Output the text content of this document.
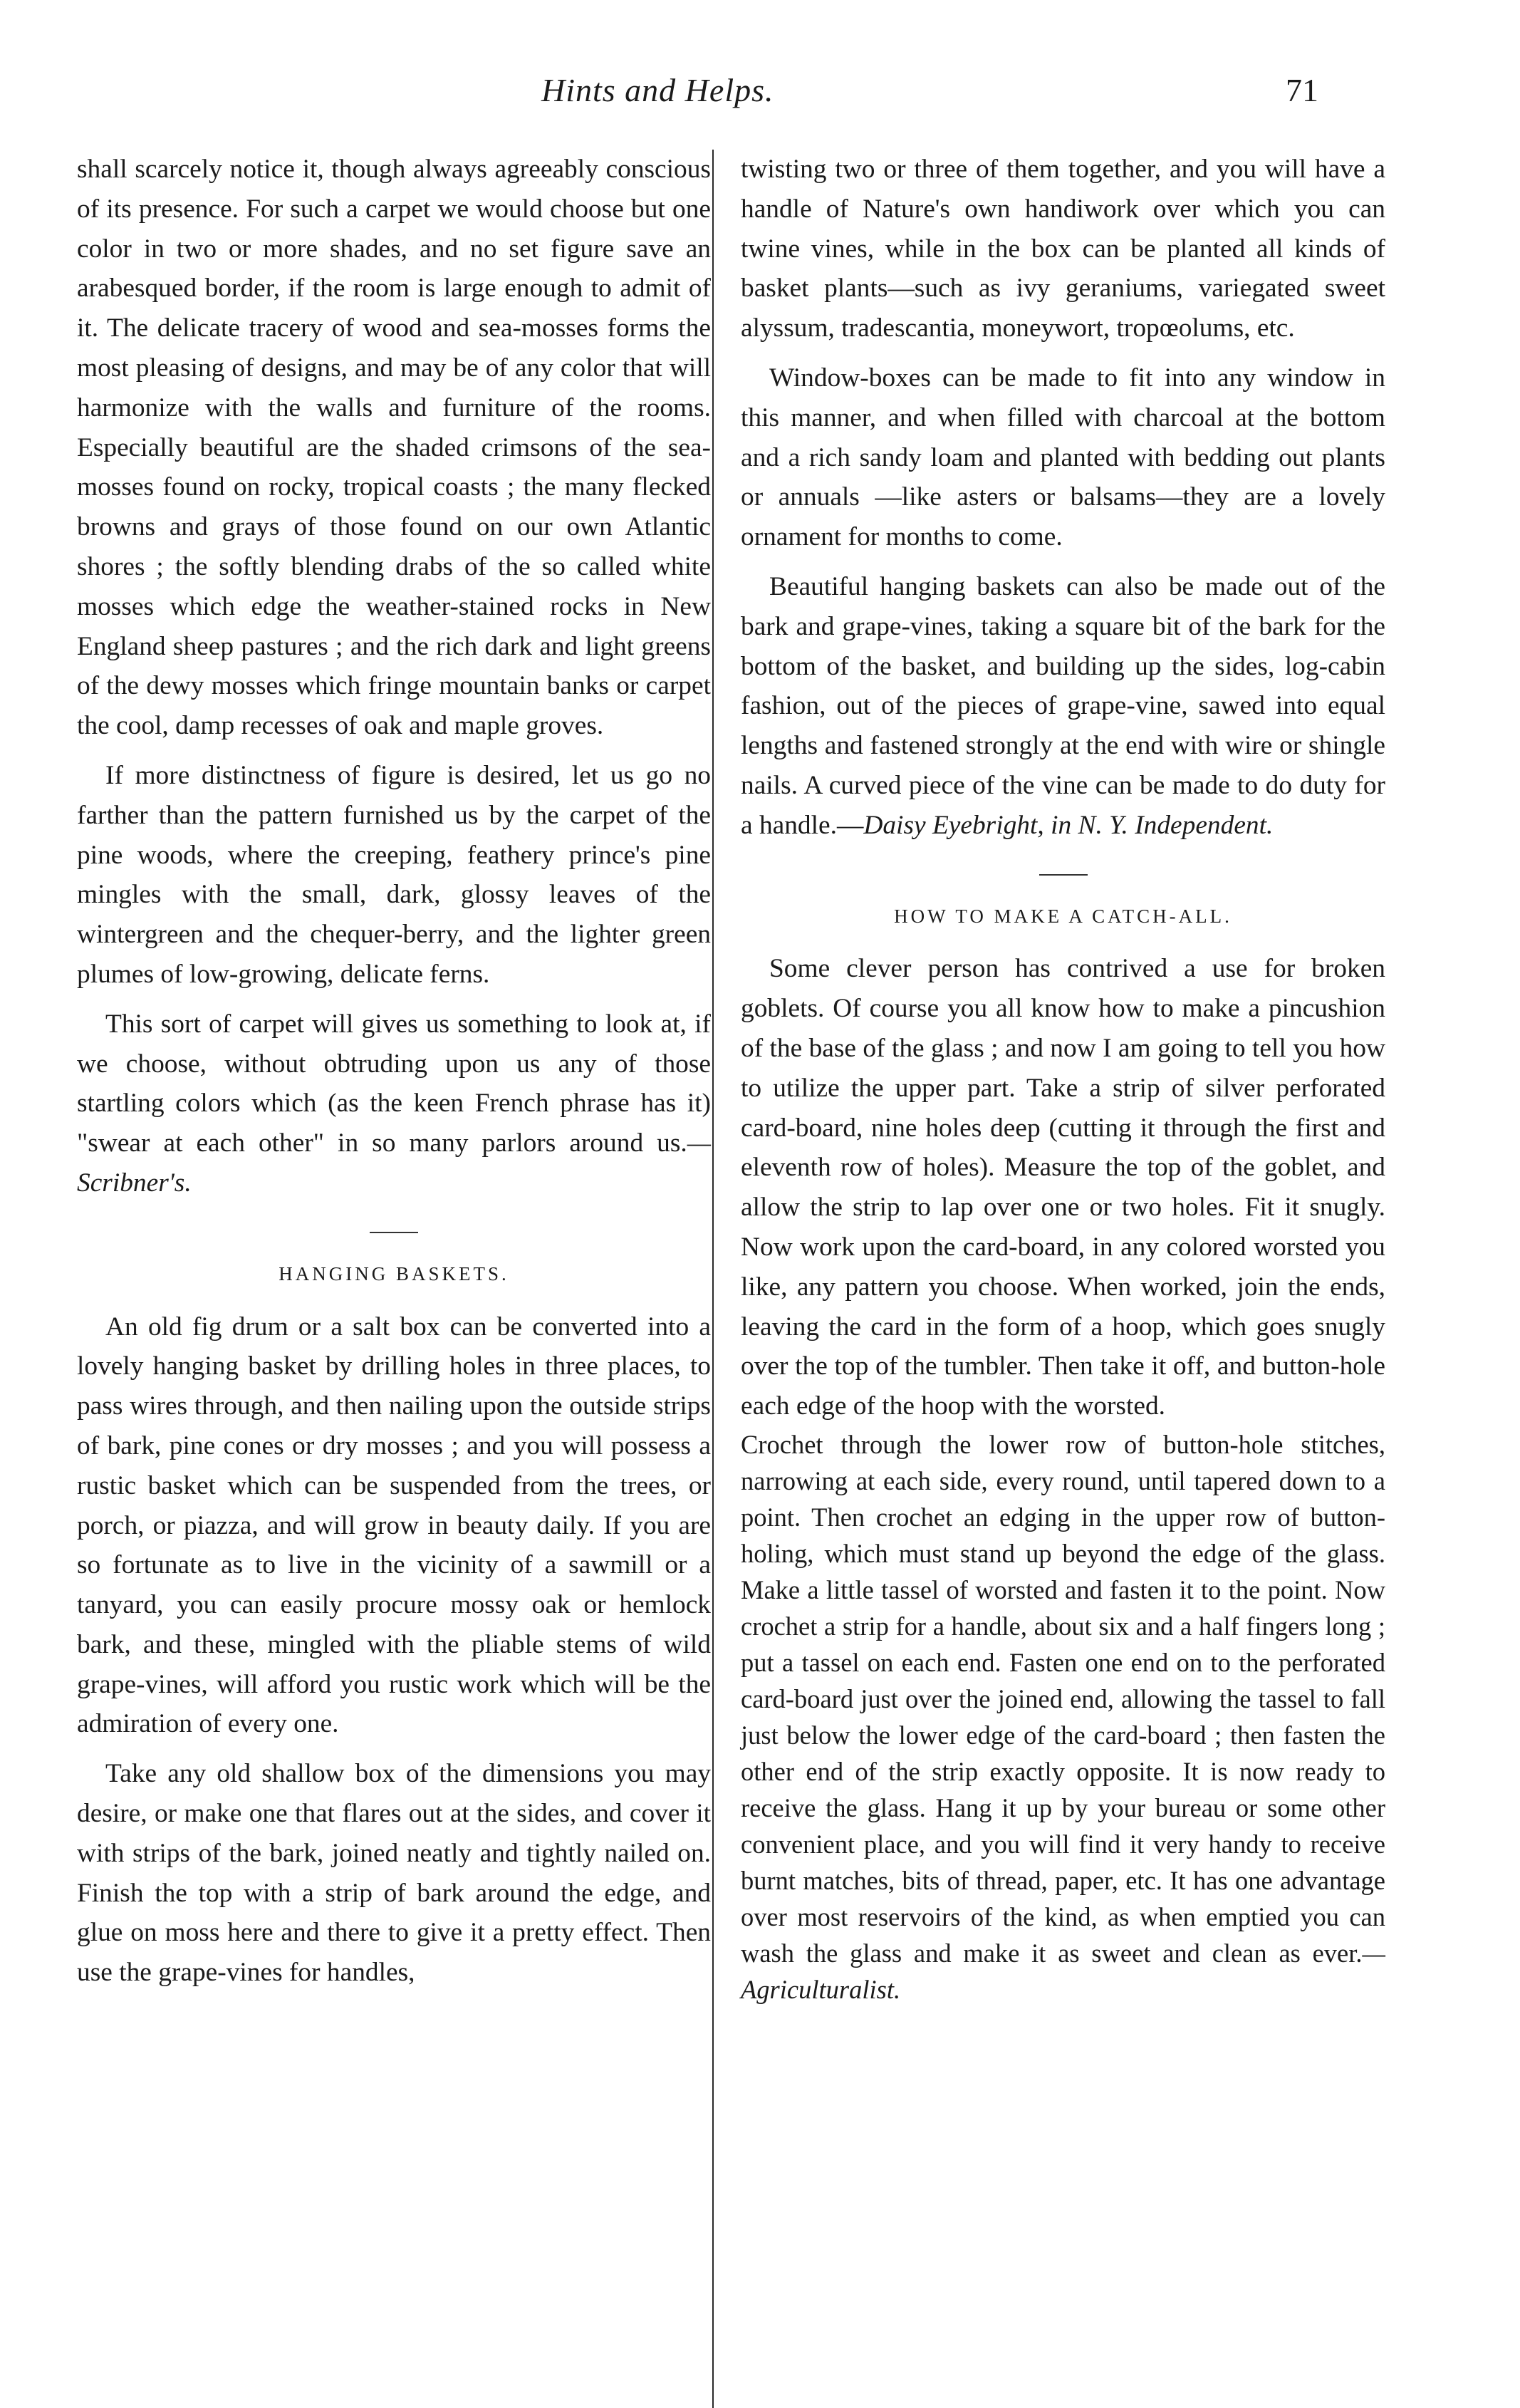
Hints and Helps.	71

shall scarcely notice it, though always agreeably conscious of its presence. For such a carpet we would choose but one color in two or more shades, and no set figure save an arabesqued border, if the room is large enough to admit of it. The delicate tracery of wood and sea-mosses forms the most pleasing of designs, and may be of any color that will harmonize with the walls and furniture of the rooms. Especially beautiful are the shaded crimsons of the sea-mosses found on rocky, tropical coasts ; the many flecked browns and grays of those found on our own Atlantic shores ; the softly blending drabs of the so called white mosses which edge the weather-stained rocks in New England sheep pastures ; and the rich dark and light greens of the dewy mosses which fringe mountain banks or carpet the cool, damp recesses of oak and maple groves.

If more distinctness of figure is desired, let us go no farther than the pattern furnished us by the carpet of the pine woods, where the creeping, feathery prince's pine mingles with the small, dark, glossy leaves of the wintergreen and the chequer-berry, and the lighter green plumes of low-growing, delicate ferns.

This sort of carpet will gives us something to look at, if we choose, without obtruding upon us any of those startling colors which (as the keen French phrase has it) "swear at each other" in so many parlors around us.—Scribner's.

HANGING BASKETS.

An old fig drum or a salt box can be converted into a lovely hanging basket by drilling holes in three places, to pass wires through, and then nailing upon the outside strips of bark, pine cones or dry mosses ; and you will possess a rustic basket which can be suspended from the trees, or porch, or piazza, and will grow in beauty daily. If you are so fortunate as to live in the vicinity of a sawmill or a tanyard, you can easily procure mossy oak or hemlock bark, and these, mingled with the pliable stems of wild grape-vines, will afford you rustic work which will be the admiration of every one.

Take any old shallow box of the dimensions you may desire, or make one that flares out at the sides, and cover it with strips of the bark, joined neatly and tightly nailed on. Finish the top with a strip of bark around the edge, and glue on moss here and there to give it a pretty effect. Then use the grape-vines for handles,

twisting two or three of them together, and you will have a handle of Nature's own handiwork over which you can twine vines, while in the box can be planted all kinds of basket plants—such as ivy geraniums, variegated sweet alyssum, tradescantia, moneywort, tropœolums, etc.

Window-boxes can be made to fit into any window in this manner, and when filled with charcoal at the bottom and a rich sandy loam and planted with bedding out plants or annuals —like asters or balsams—they are a lovely ornament for months to come.

Beautiful hanging baskets can also be made out of the bark and grape-vines, taking a square bit of the bark for the bottom of the basket, and building up the sides, log-cabin fashion, out of the pieces of grape-vine, sawed into equal lengths and fastened strongly at the end with wire or shingle nails. A curved piece of the vine can be made to do duty for a handle.—Daisy Eyebright, in N. Y. Independent.

HOW TO MAKE A CATCH-ALL.

Some clever person has contrived a use for broken goblets. Of course you all know how to make a pincushion of the base of the glass ; and now I am going to tell you how to utilize the upper part. Take a strip of silver perforated card-board, nine holes deep (cutting it through the first and eleventh row of holes). Measure the top of the goblet, and allow the strip to lap over one or two holes. Fit it snugly. Now work upon the card-board, in any colored worsted you like, any pattern you choose. When worked, join the ends, leaving the card in the form of a hoop, which goes snugly over the top of the tumbler. Then take it off, and button-hole each edge of the hoop with the worsted.

Crochet through the lower row of button-hole stitches, narrowing at each side, every round, until tapered down to a point. Then crochet an edging in the upper row of button-holing, which must stand up beyond the edge of the glass. Make a little tassel of worsted and fasten it to the point. Now crochet a strip for a handle, about six and a half fingers long ; put a tassel on each end. Fasten one end on to the perforated card-board just over the joined end, allowing the tassel to fall just below the lower edge of the card-board ; then fasten the other end of the strip exactly opposite. It is now ready to receive the glass. Hang it up by your bureau or some other convenient place, and you will find it very handy to receive burnt matches, bits of thread, paper, etc. It has one advantage over most reservoirs of the kind, as when emptied you can wash the glass and make it as sweet and clean as ever.—Agriculturalist.
